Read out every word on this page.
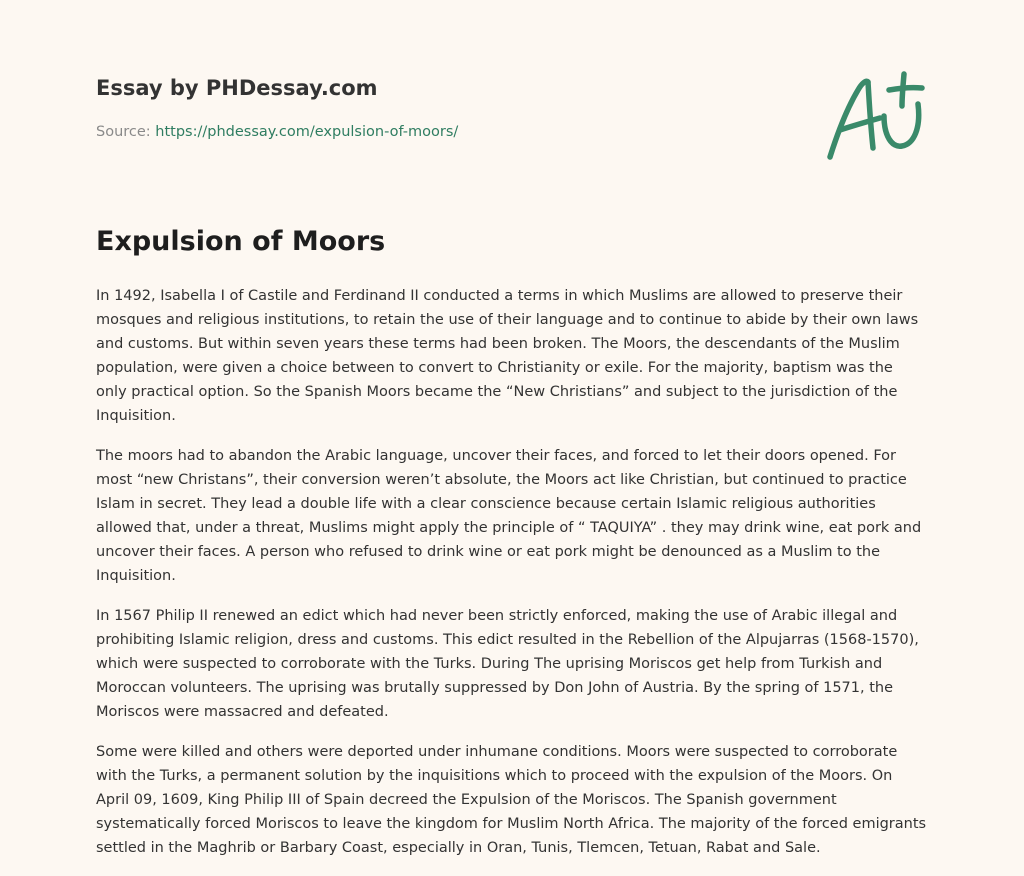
Essay by PHDessay.com
Source: https://phdessay.com/expulsion-of-moors/
Expulsion of Moors

In 1492, Isabella I of Castile and Ferdinand II conducted a terms in which Muslims are allowed to preserve their mosques and religious institutions, to retain the use of their language and to continue to abide by their own laws and customs. But within seven years these terms had been broken. The Moors, the descendants of the Muslim population, were given a choice between to convert to Christianity or exile. For the majority, baptism was the only practical option. So the Spanish Moors became the “New Christians” and subject to the jurisdiction of the Inquisition.

The moors had to abandon the Arabic language, uncover their faces, and forced to let their doors opened. For most “new Christans”, their conversion weren’t absolute, the Moors act like Christian, but continued to practice Islam in secret. They lead a double life with a clear conscience because certain Islamic religious authorities allowed that, under a threat, Muslims might apply the principle of “ TAQUIYA” . they may drink wine, eat pork and uncover their faces. A person who refused to drink wine or eat pork might be denounced as a Muslim to the Inquisition.

In 1567 Philip II renewed an edict which had never been strictly enforced, making the use of Arabic illegal and prohibiting Islamic religion, dress and customs. This edict resulted in the Rebellion of the Alpujarras (1568-1570), which were suspected to corroborate with the Turks. During The uprising Moriscos get help from Turkish and Moroccan volunteers. The uprising was brutally suppressed by Don John of Austria. By the spring of 1571, the Moriscos were massacred and defeated.

Some were killed and others were deported under inhumane conditions. Moors were suspected to corroborate with the Turks, a permanent solution by the inquisitions which to proceed with the expulsion of the Moors. On April 09, 1609, King Philip III of Spain decreed the Expulsion of the Moriscos. The Spanish government systematically forced Moriscos to leave the kingdom for Muslim North Africa. The majority of the forced emigrants settled in the Maghrib or Barbary Coast, especially in Oran, Tunis, Tlemcen, Tetuan, Rabat and Sale.
